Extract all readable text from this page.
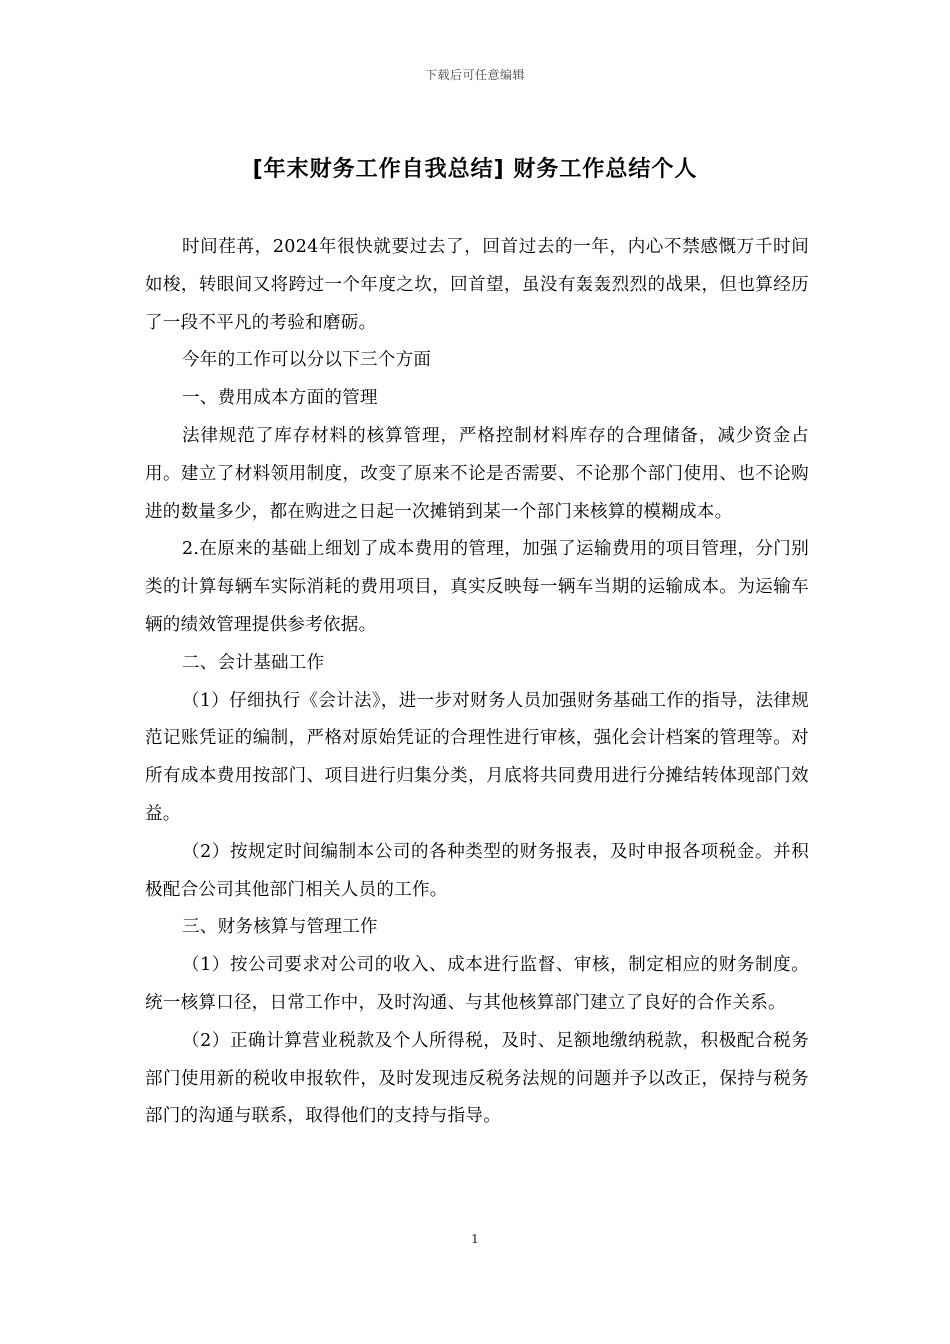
下载后可任意编辑
[年末财务工作自我总结] 财务工作总结个人

时间荏苒，2024年很快就要过去了，回首过去的一年，内心不禁感慨万千时间如梭，转眼间又将跨过一个年度之坎，回首望，虽没有轰轰烈烈的战果，但也算经历了一段不平凡的考验和磨砺。

今年的工作可以分以下三个方面

一、费用成本方面的管理

法律规范了库存材料的核算管理，严格控制材料库存的合理储备，减少资金占用。建立了材料领用制度，改变了原来不论是否需要、不论那个部门使用、也不论购进的数量多少，都在购进之日起一次摊销到某一个部门来核算的模糊成本。

2.在原来的基础上细划了成本费用的管理，加强了运输费用的项目管理，分门别类的计算每辆车实际消耗的费用项目，真实反映每一辆车当期的运输成本。为运输车辆的绩效管理提供参考依据。

二、会计基础工作

（1）仔细执行《会计法》，进一步对财务人员加强财务基础工作的指导，法律规范记账凭证的编制，严格对原始凭证的合理性进行审核，强化会计档案的管理等。对所有成本费用按部门、项目进行归集分类，月底将共同费用进行分摊结转体现部门效益。

（2）按规定时间编制本公司的各种类型的财务报表，及时申报各项税金。并积极配合公司其他部门相关人员的工作。

三、财务核算与管理工作

（1）按公司要求对公司的收入、成本进行监督、审核，制定相应的财务制度。统一核算口径，日常工作中，及时沟通、与其他核算部门建立了良好的合作关系。

（2）正确计算营业税款及个人所得税，及时、足额地缴纳税款，积极配合税务部门使用新的税收申报软件，及时发现违反税务法规的问题并予以改正，保持与税务部门的沟通与联系，取得他们的支持与指导。

1
